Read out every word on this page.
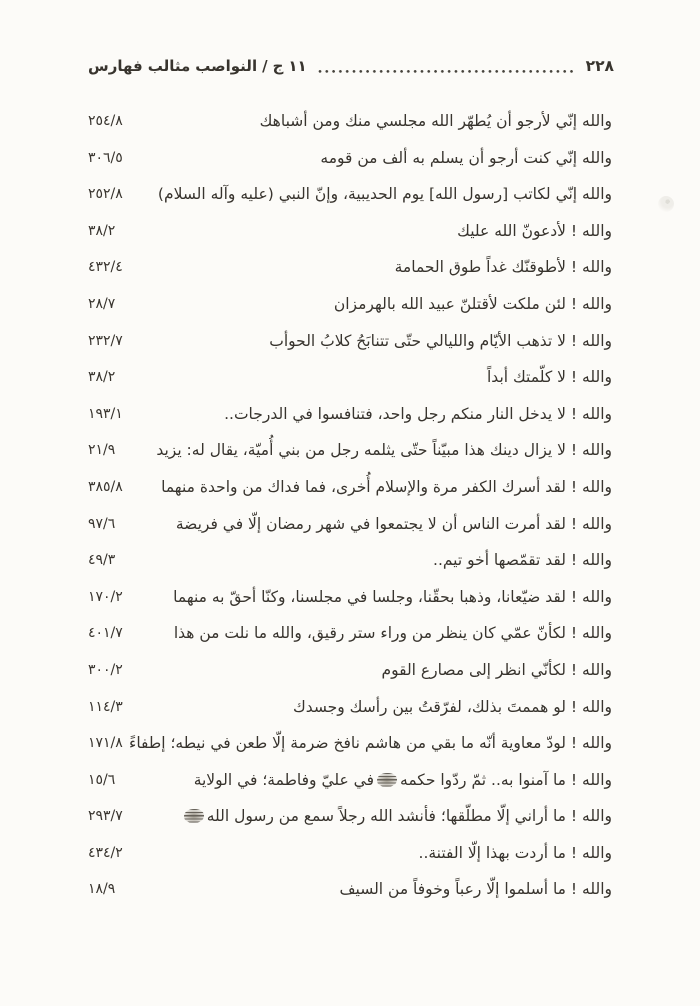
فهارس مثالب النواصب / ج ١١	٢٢٨
٢٥٤/٨	والله إنّي لأرجو أن يُطهّر الله مجلسي منك ومن أشباهك
٣٠٦/٥	والله إنّي كنت أرجو أن يسلم به ألف من قومه
٢٥٢/٨ والله إنّي لكاتب [رسول الله] يوم الحديبية، وإنّ النبي (عليه وآله السلام)
٣٨/٢	والله ! لأدعونّ الله عليك
٤٣٢/٤	والله ! لأطوقنّك غداً طوق الحمامة
٢٨/٧	والله ! لئن ملكت لأقتلنّ عبيد الله بالهرمزان
٢٣٢/٧	والله ! لا تذهب الأيّام والليالي حتّى تتنابَحُ كلابُ الحوأب
٣٨/٢	والله ! لا كلّمتك أبداً
١٩٣/١	والله ! لا يدخل النار منكم رجل واحد، فتنافسوا في الدرجات..
٢١/٩	والله ! لا يزال دينك هذا مبيّناً حتّى يثلمه رجل من بني أُميّة، يقال له: يزيد
٣٨٥/٨ والله ! لقد أسرك الكفر مرة والإسلام أُخرى، فما فداك من واحدة منهما
٩٧/٦	والله ! لقد أمرت الناس أن لا يجتمعوا في شهر رمضان إلّا في فريضة
٤٩/٣	والله ! لقد تقمّصها أخو تيم..
١٧٠/٢	والله ! لقد ضيّعانا، وذهبا بحقّنا، وجلسا في مجلسنا، وكنّا أحقّ به منهما
٤٠١/٧	والله ! لكأنّ عمّي كان ينظر من وراء ستر رقيق، والله ما نلت من هذا
٣٠٠/٢	والله ! لكأنّي انظر إلى مصارع القوم
١١٤/٣	والله ! لو هممتَ بذلك، لفرّقتُ بين رأسك وجسدك
١٧١/٨ والله ! لودّ معاوية أنّه ما بقي من هاشم نافخ ضرمة إلّا طعن في نيطه؛ إطفاءً
١٥/٦	والله ! ما آمنوا به.. ثمّ ردّوا حكمهفي عليّ وفاطمة؛ في الولاية
٢٩٣/٧	والله ! ما أراني إلّا مطلّقها؛ فأنشد الله رجلاً سمع من رسول الله
٤٣٤/٢	والله ! ما أردت بهذا إلّا الفتنة..
١٨/٩	والله ! ما أسلموا إلّا رعباً وخوفاً من السيف
